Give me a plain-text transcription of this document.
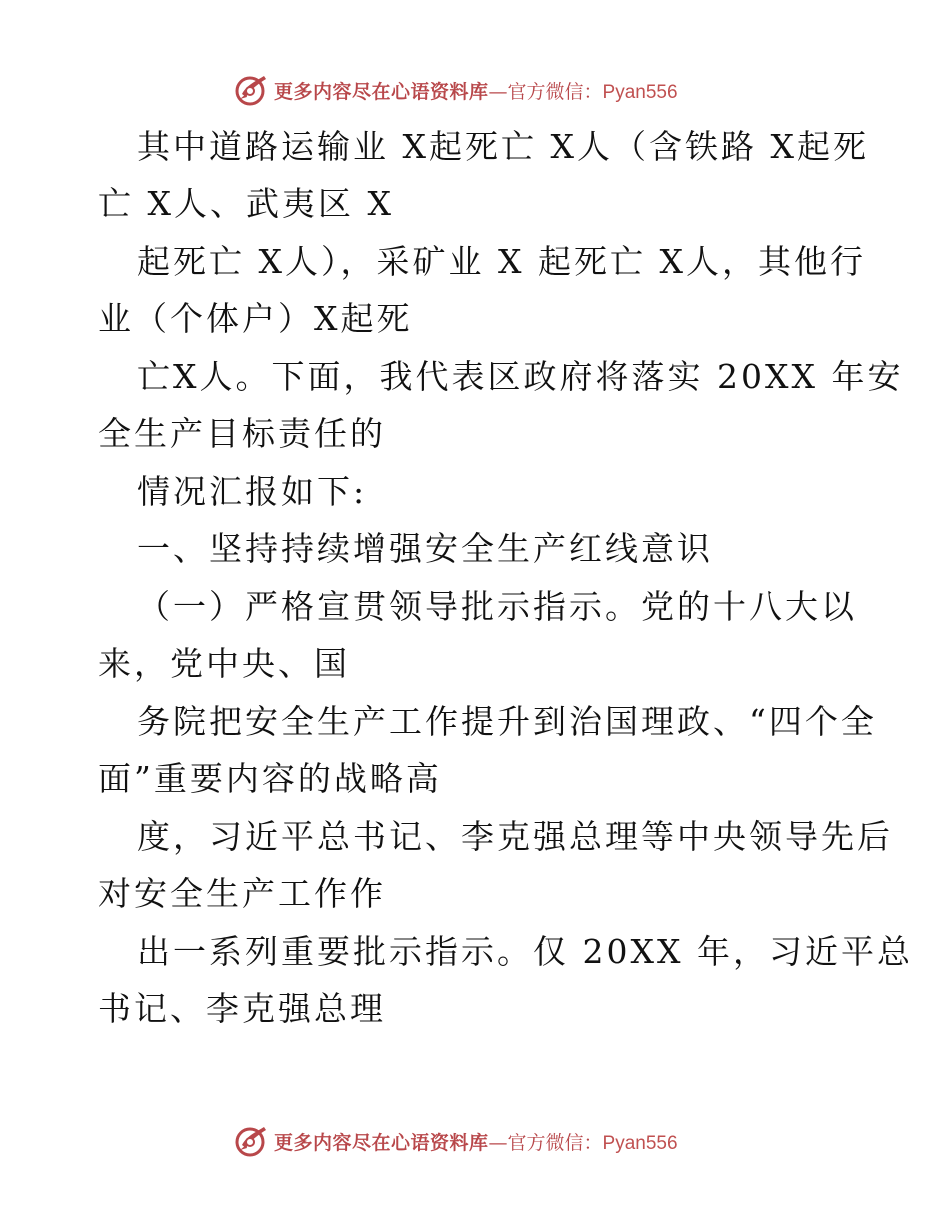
更多内容尽在心语资料库—官方微信：Pyan556
其中道路运输业 X起死亡 X人（含铁路 X起死
亡 X人、武夷区 X
起死亡 X人），采矿业 X 起死亡 X人，其他行
业（个体户）X起死
亡X人。下面，我代表区政府将落实 20XX 年安
全生产目标责任的
情况汇报如下:
一、坚持持续增强安全生产红线意识
（一）严格宣贯领导批示指示。党的十八大以
来，党中央、国
务院把安全生产工作提升到治国理政、“四个全
面”重要内容的战略高
度，习近平总书记、李克强总理等中央领导先后
对安全生产工作作
出一系列重要批示指示。仅 20XX 年，习近平总
书记、李克强总理
更多内容尽在心语资料库—官方微信：Pyan556
